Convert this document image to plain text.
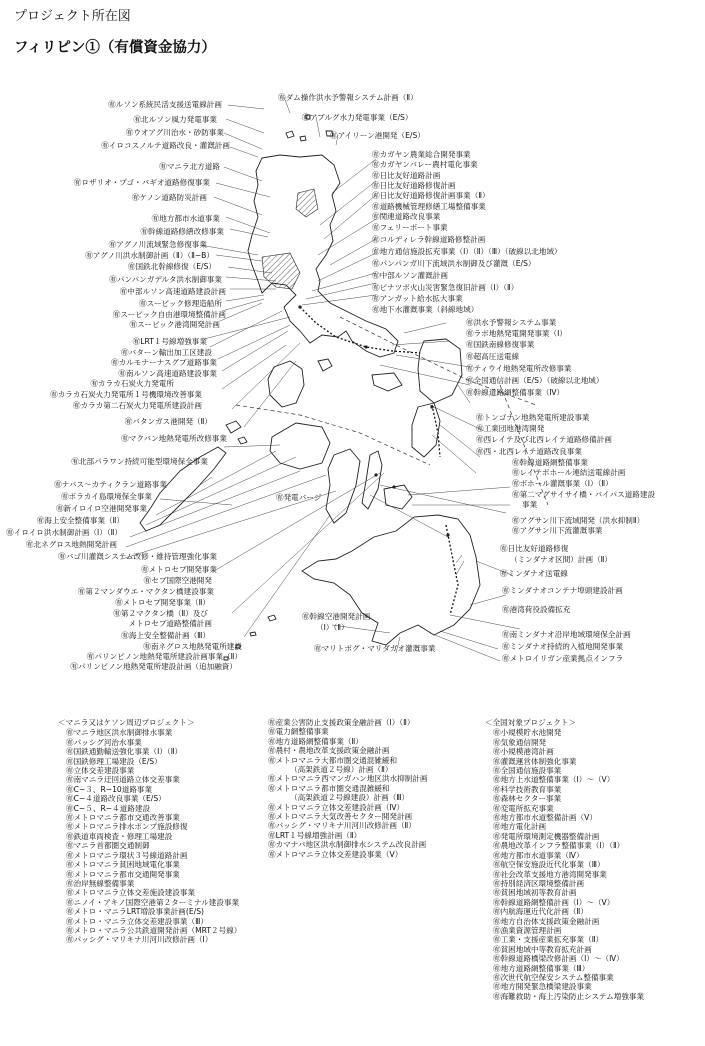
プロジェクト所在図
フィリピン①（有償資金協力）
㊒ルソン系統民活支援送電線計画
㊒北ルソン風力発電事業
㊒ウオアグ川治水・砂防事業
㊒イロコスノルテ道路改良・灌漑計画
㊒マニラ北方道路
㊒ロザリオ・プゴ・バギオ道路修復事業
㊒ケノン道路防災計画
㊒地方都市水道事業
㊒幹線道路修繕改修事業
㊒アグノ川流域緊急修復事業
㊒アグノ川洪水制御計画（Ⅱ）（Ⅱ−B）
㊒国鉄北幹線修復（E/S）
㊒パンパンガデルタ洪水制御事業
㊒中部ルソン高速道路建設計画
㊒スービック修理造船所
㊒スービック自由港環境整備計画
㊒スービック港湾開発計画
㊒LRT１号線増強事業
㊒バターン輸出加工区建設
㊒カルモナーナスグブ道路事業
㊒南ルソン高速道路建設事業
㊒カラカ石炭火力発電所
㊒カラカ石炭火力発電所１号機環境改善事業
㊒カラカ第二石炭火力発電所建設計画
㊒バタンガス港開発（Ⅱ）
㊒マクバン地熱発電所改修事業
㊒北部パラワン持続可能型環境保全事業
㊒ナバス〜カティクラン道路事業
㊒ボラカイ島環境保全事業
㊒新イロイロ空港開発事業
㊒海上安全整備事業（Ⅱ）
㊒イロイロ洪水制御計画（Ⅰ）（Ⅱ）
㊒北ネグロス地熱開発計画
㊒バゴ川灌漑システム改修・維持管理強化事業
㊒メトロセブ開発事業
㊒セブ国際空港開発
㊒第２マンダウエ・マクタン橋建設事業
㊒メトロセブ開発事業（Ⅱ）
㊒第２マクタン橋（Ⅱ）及び
メトロセブ道路整備計画
㊒海上安全整備計画（Ⅲ）
㊒南ネグロス地熱発電所建設
㊒パリンピノン地熱発電所建設計画事業（Ⅱ）
㊒パリンピノン地熱発電所建設計画（追加融資）
㊒ダム操作洪水予警報システム計画（Ⅱ）
㊒アブルグ水力発電事業（E/S）
㊒アイリーン港開発（E/S）
㊒カガヤン農業総合開発事業
㊒カガヤンバレー農村電化事業
㊒日比友好道路計画
㊒日比友好道路修復計画
㊒日比友好道路修復計画事業（Ⅱ）
㊒道路機械管理修繕工場整備事業
㊒関連道路改良事業
㊒フェリーボート事業
㊒コルディレラ幹線道路修整計画
㊒地方通信施設拡充事業（Ⅰ）（Ⅱ）（Ⅲ）（破線以北地域）
㊒パンパンガ川下流域洪水制御及び灌漑（E/S）
㊒中部ルソン灌漑計画
㊒ピナツボ火山災害緊急復旧計画（Ⅰ）（Ⅱ）
㊒アンガット給水拡大事業
㊒地下水灌漑事業（斜線地域）
㊒洪水予警報システム事業
㊒ラボ地熱発電開発事業（Ⅰ）
㊒国鉄南線修復事業
㊒超高圧送電線
㊒ティウイ地熱発電所改修事業
㊒全国通信計画（E/S）（破線以北地域）
㊒幹線道路網整備事業（Ⅳ）
㊒トンゴナン地熱発電所建設事業
㊒工業団地港湾開発
㊒西レイテ及び北西レイテ道路修備計画
㊒西・北西レイテ道路改良事業
㊒幹線道路網整備事業
㊒レイテボホール連結送電線計画
㊒ボホール灌漑事業（Ⅰ）（Ⅱ）
㊒第二マグサイサイ橋・バイパス道路建設
事業
㊒発電バージ
㊒アグサン川下流域開発（洪水抑制Ⅱ）
㊒アグサン川下流灌漑事業
㊒日比友好道路修復
（ミンダナオ区間）計画（Ⅱ）
㊒ミンダナオ送電線
㊒ミンダナオコンテナ埠頭建設計画
㊒港湾荷役設備拡充
㊒幹線空港開発計画
（Ⅰ）（Ⅱ）
㊒南ミンダナオ沿岸地域環境保全計画
㊒ミンダナオ持続的入植地開発事業
㊒マリトボグ・マリダガオ灌漑事業
㊒メトロイリガン産業拠点インフラ
＜マニラ又はケソン周辺プロジェクト＞
㊒マニラ地区洪水制御排水事業
㊒パッシグ河治水事業
㊒国鉄通勤輸送強化事業（Ⅰ）（Ⅱ）
㊒国鉄修理工場建設（E/S）
㊒立体交差建設事業
㊒南マニラ迂回道路立体交差事業
㊒C−３、R−10道路事業
㊒C−４道路改良事業（E/S）
㊒C−５、R−４道路建設
㊒メトロマニラ都市交通改善事業
㊒メトロマニラ排水ポンプ施設修復
㊒鉄道車両検査・修理工場建設
㊒マニラ首都圏交通制御
㊒メトロマニラ環状３号線道路計画
㊒メトロマニラ貧困地域電化事業
㊒メトロマニラ都市交通開発事業
㊒治岸無線整備事業
㊒メトロマニラ立体交差施設建設事業
㊒ニノイ・アキノ国際空港第２ターミナル建設事業
㊒メトロ・マニラLRT増設事業計画(E/S)
㊒メトロ・マニラ立体交差建設事業（Ⅲ）
㊒メトロ・マニラ公共鉄道開発計画（MRT２号線）
㊒パッシグ・マリキナ川河川改修計画（Ⅰ）
㊒産業公害防止支援政策金融計画（Ⅰ）（Ⅱ）
㊒電力網整備事業
㊒地方道路網整備事業（Ⅱ）
㊒農村・農地改革支援政策金融計画
㊒メトロマニラ大都市圏交通混雑緩和
（高架鉄道２号線）計画（Ⅱ）
㊒メトロマニラ西マンガハン地区洪水抑制計画
㊒メトロマニラ都市圏交通混雑緩和
（高架鉄道２号線建設）計画（Ⅲ）
㊒メトロマニラ立体交差建設計画（Ⅳ）
㊒メトロマニラ大気改善セクター開発計画
㊒パッシグ・マリキナ川河川改修計画（Ⅱ）
㊒LRT１号線増強計画（Ⅱ）
㊒カマナバ地区洪水制御排水システム改良計画
㊒メトロマニラ立体交差建設事業（Ⅴ）
＜全国対象プロジェクト＞
㊒小規模貯水池開発
㊒気象通信開発
㊒小規模港湾計画
㊒灌漑運営体制強化事業
㊒全国通信施設事業
㊒地方上水道整備事業（Ⅰ）〜（Ⅴ）
㊒科学技術教育事業
㊒森林セクター事業
㊒変電所拡充事業
㊒地方都市水道整備計画（Ⅴ）
㊒地方電化計画
㊒発電所環境測定機器整備計画
㊒農地改革インフラ整備事業（Ⅰ）（Ⅱ）
㊒地方都市水道事業（Ⅳ）
㊒航空保安施設近代化事業（Ⅲ）
㊒社会改革支援地方港湾開発事業
㊒持別経済区環境整備計画
㊒貧困地域初等教育計画
㊒幹線道路網整備計画（Ⅰ）〜（Ⅴ）
㊒内航海運近代化計画（Ⅱ）
㊒地方自治体支援政策金融計画
㊒漁業資源管理計画
㊒工業・支援産業拡充事業（Ⅱ）
㊒貧困地域中等教育拡充計画
㊒幹線道路橋梁改修計画（Ⅰ）〜（Ⅳ）
㊒地方道路網整備事業（Ⅲ）
㊒次世代航空保安システム整備事業
㊒地方開発緊急橋梁建設事業
㊒海難救助・海上汚染防止システム増強事業
